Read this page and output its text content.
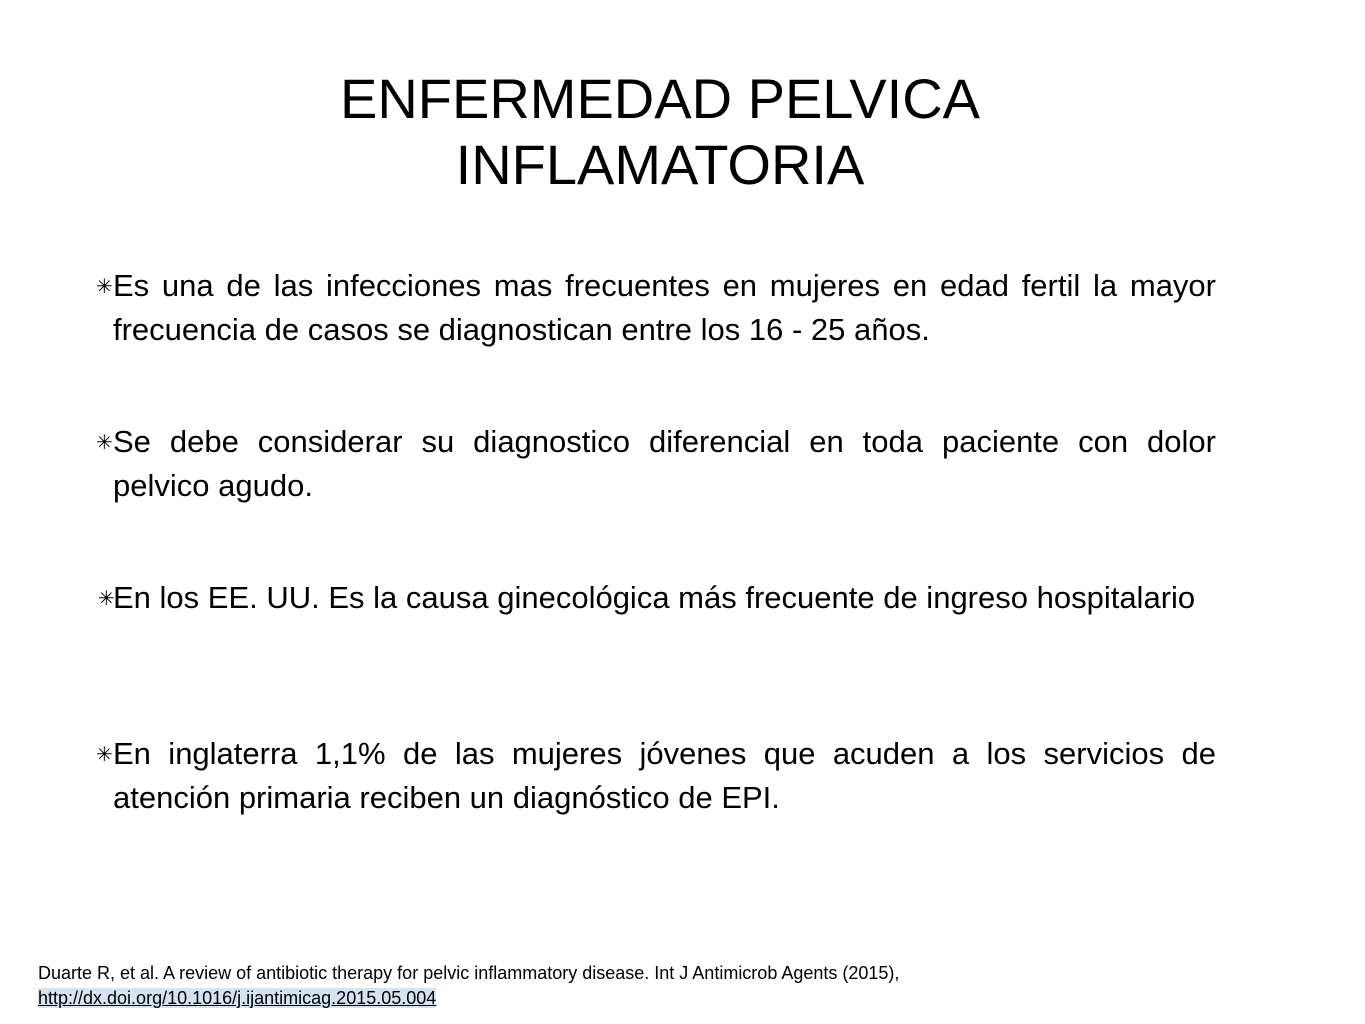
ENFERMEDAD PELVICA
INFLAMATORIA
✳ Es una de las infecciones mas frecuentes en mujeres en edad fertil la mayor frecuencia de casos se diagnostican entre los 16 - 25 años.
✳ Se debe considerar su diagnostico diferencial en toda paciente con dolor pelvico agudo.
✳
En los EE. UU. Es la causa ginecológica más frecuente de ingreso hospitalario
✳ En inglaterra 1,1% de las mujeres jóvenes que acuden a los servicios de atención primaria reciben un diagnóstico de EPI.
Duarte R, et al. A review of antibiotic therapy for pelvic inflammatory disease. Int J Antimicrob Agents (2015),
http://dx.doi.org/10.1016/j.ijantimicag.2015.05.004
